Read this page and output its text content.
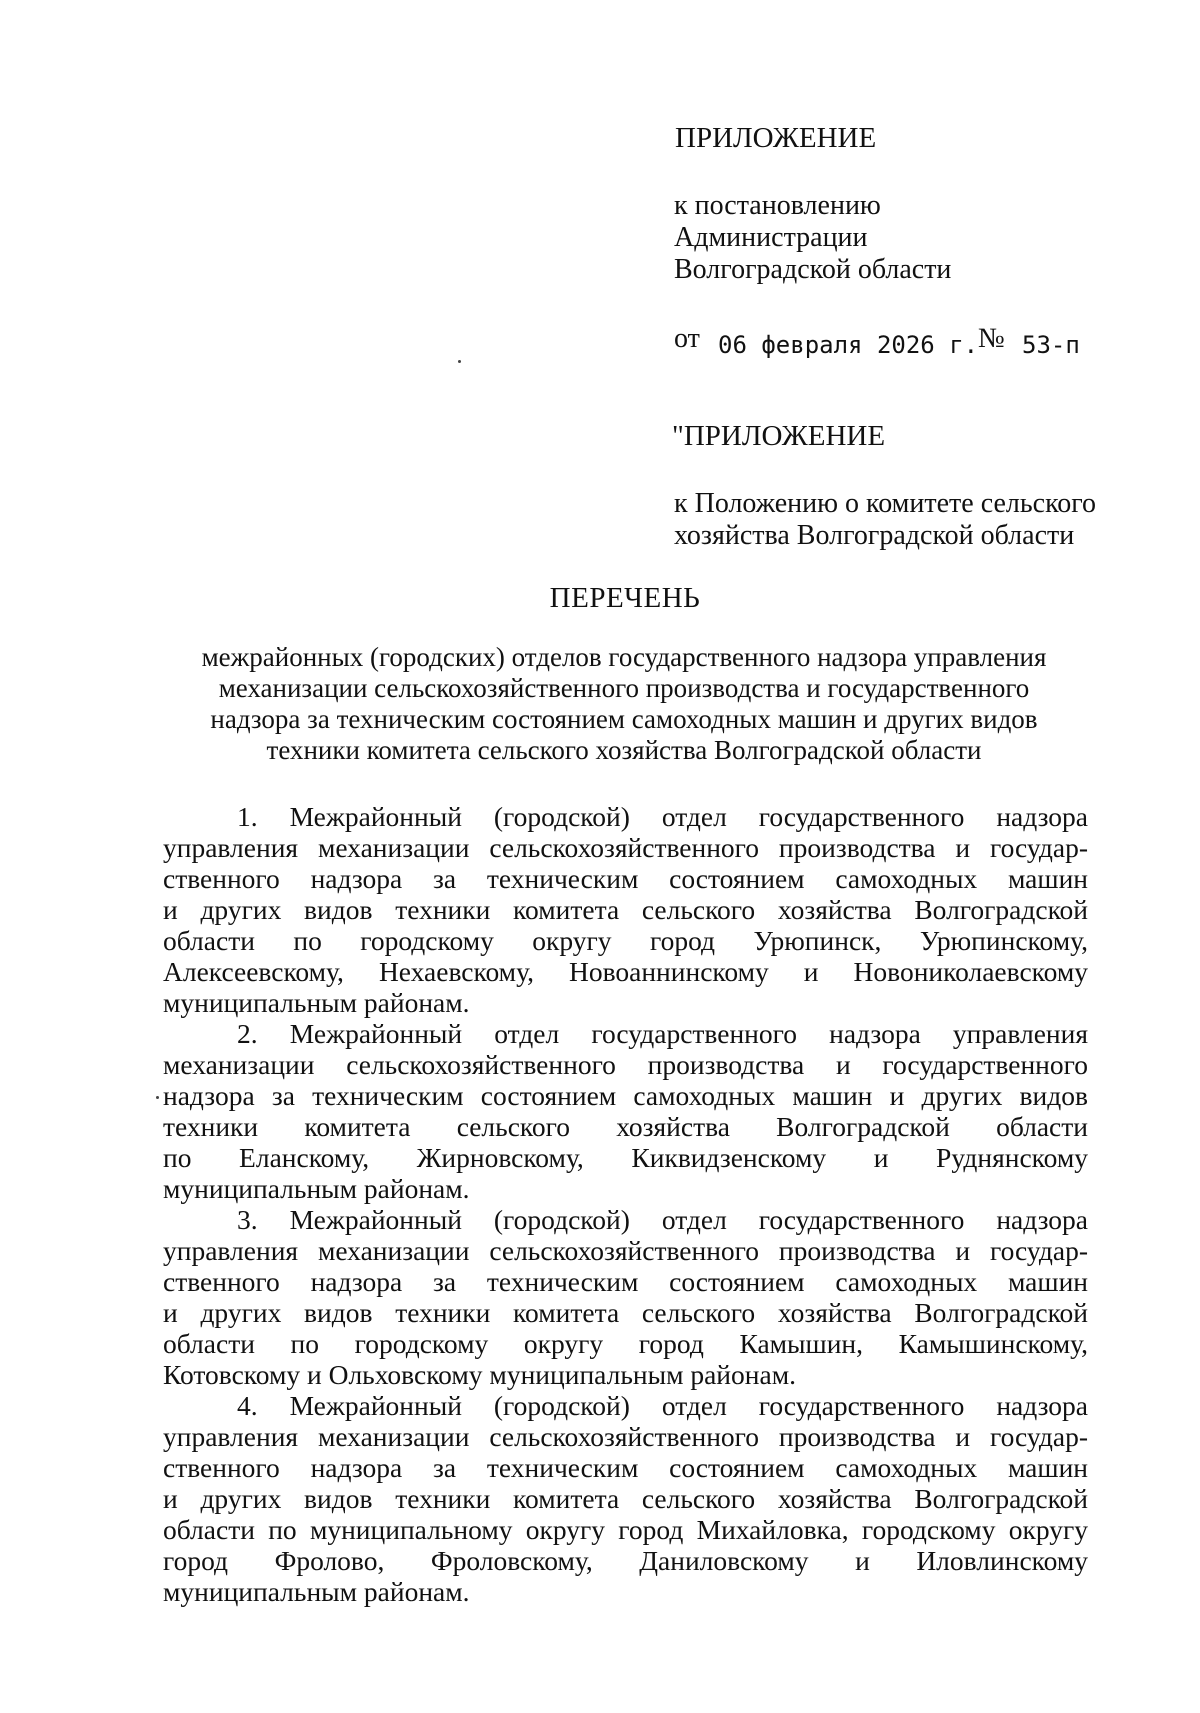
ПРИЛОЖЕНИЕ
к постановлению
Администрации
Волгоградской области
от 06 февраля 2026 г. № 53-п
"ПРИЛОЖЕНИЕ
к Положению о комитете сельского
хозяйства Волгоградской области
ПЕРЕЧЕНЬ
межрайонных (городских) отделов государственного надзора управления
механизации сельскохозяйственного производства и государственного
надзора за техническим состоянием самоходных машин и других видов
техники комитета сельского хозяйства Волгоградской области
1. Межрайонный (городской) отдел государственного надзора
управления механизации сельскохозяйственного производства и государ-
ственного надзора за техническим состоянием самоходных машин
и других видов техники комитета сельского хозяйства Волгоградской
области по городскому округу город Урюпинск, Урюпинскому,
Алексеевскому, Нехаевскому, Новоаннинскому и Новониколаевскому
муниципальным районам.
2. Межрайонный отдел государственного надзора управления
механизации сельскохозяйственного производства и государственного
надзора за техническим состоянием самоходных машин и других видов
техники комитета сельского хозяйства Волгоградской области
по Еланскому, Жирновскому, Киквидзенскому и Руднянскому
муниципальным районам.
3. Межрайонный (городской) отдел государственного надзора
управления механизации сельскохозяйственного производства и государ-
ственного надзора за техническим состоянием самоходных машин
и других видов техники комитета сельского хозяйства Волгоградской
области по городскому округу город Камышин, Камышинскому,
Котовскому и Ольховскому муниципальным районам.
4. Межрайонный (городской) отдел государственного надзора
управления механизации сельскохозяйственного производства и государ-
ственного надзора за техническим состоянием самоходных машин
и других видов техники комитета сельского хозяйства Волгоградской
области по муниципальному округу город Михайловка, городскому округу
город Фролово, Фроловскому, Даниловскому и Иловлинскому
муниципальным районам.
